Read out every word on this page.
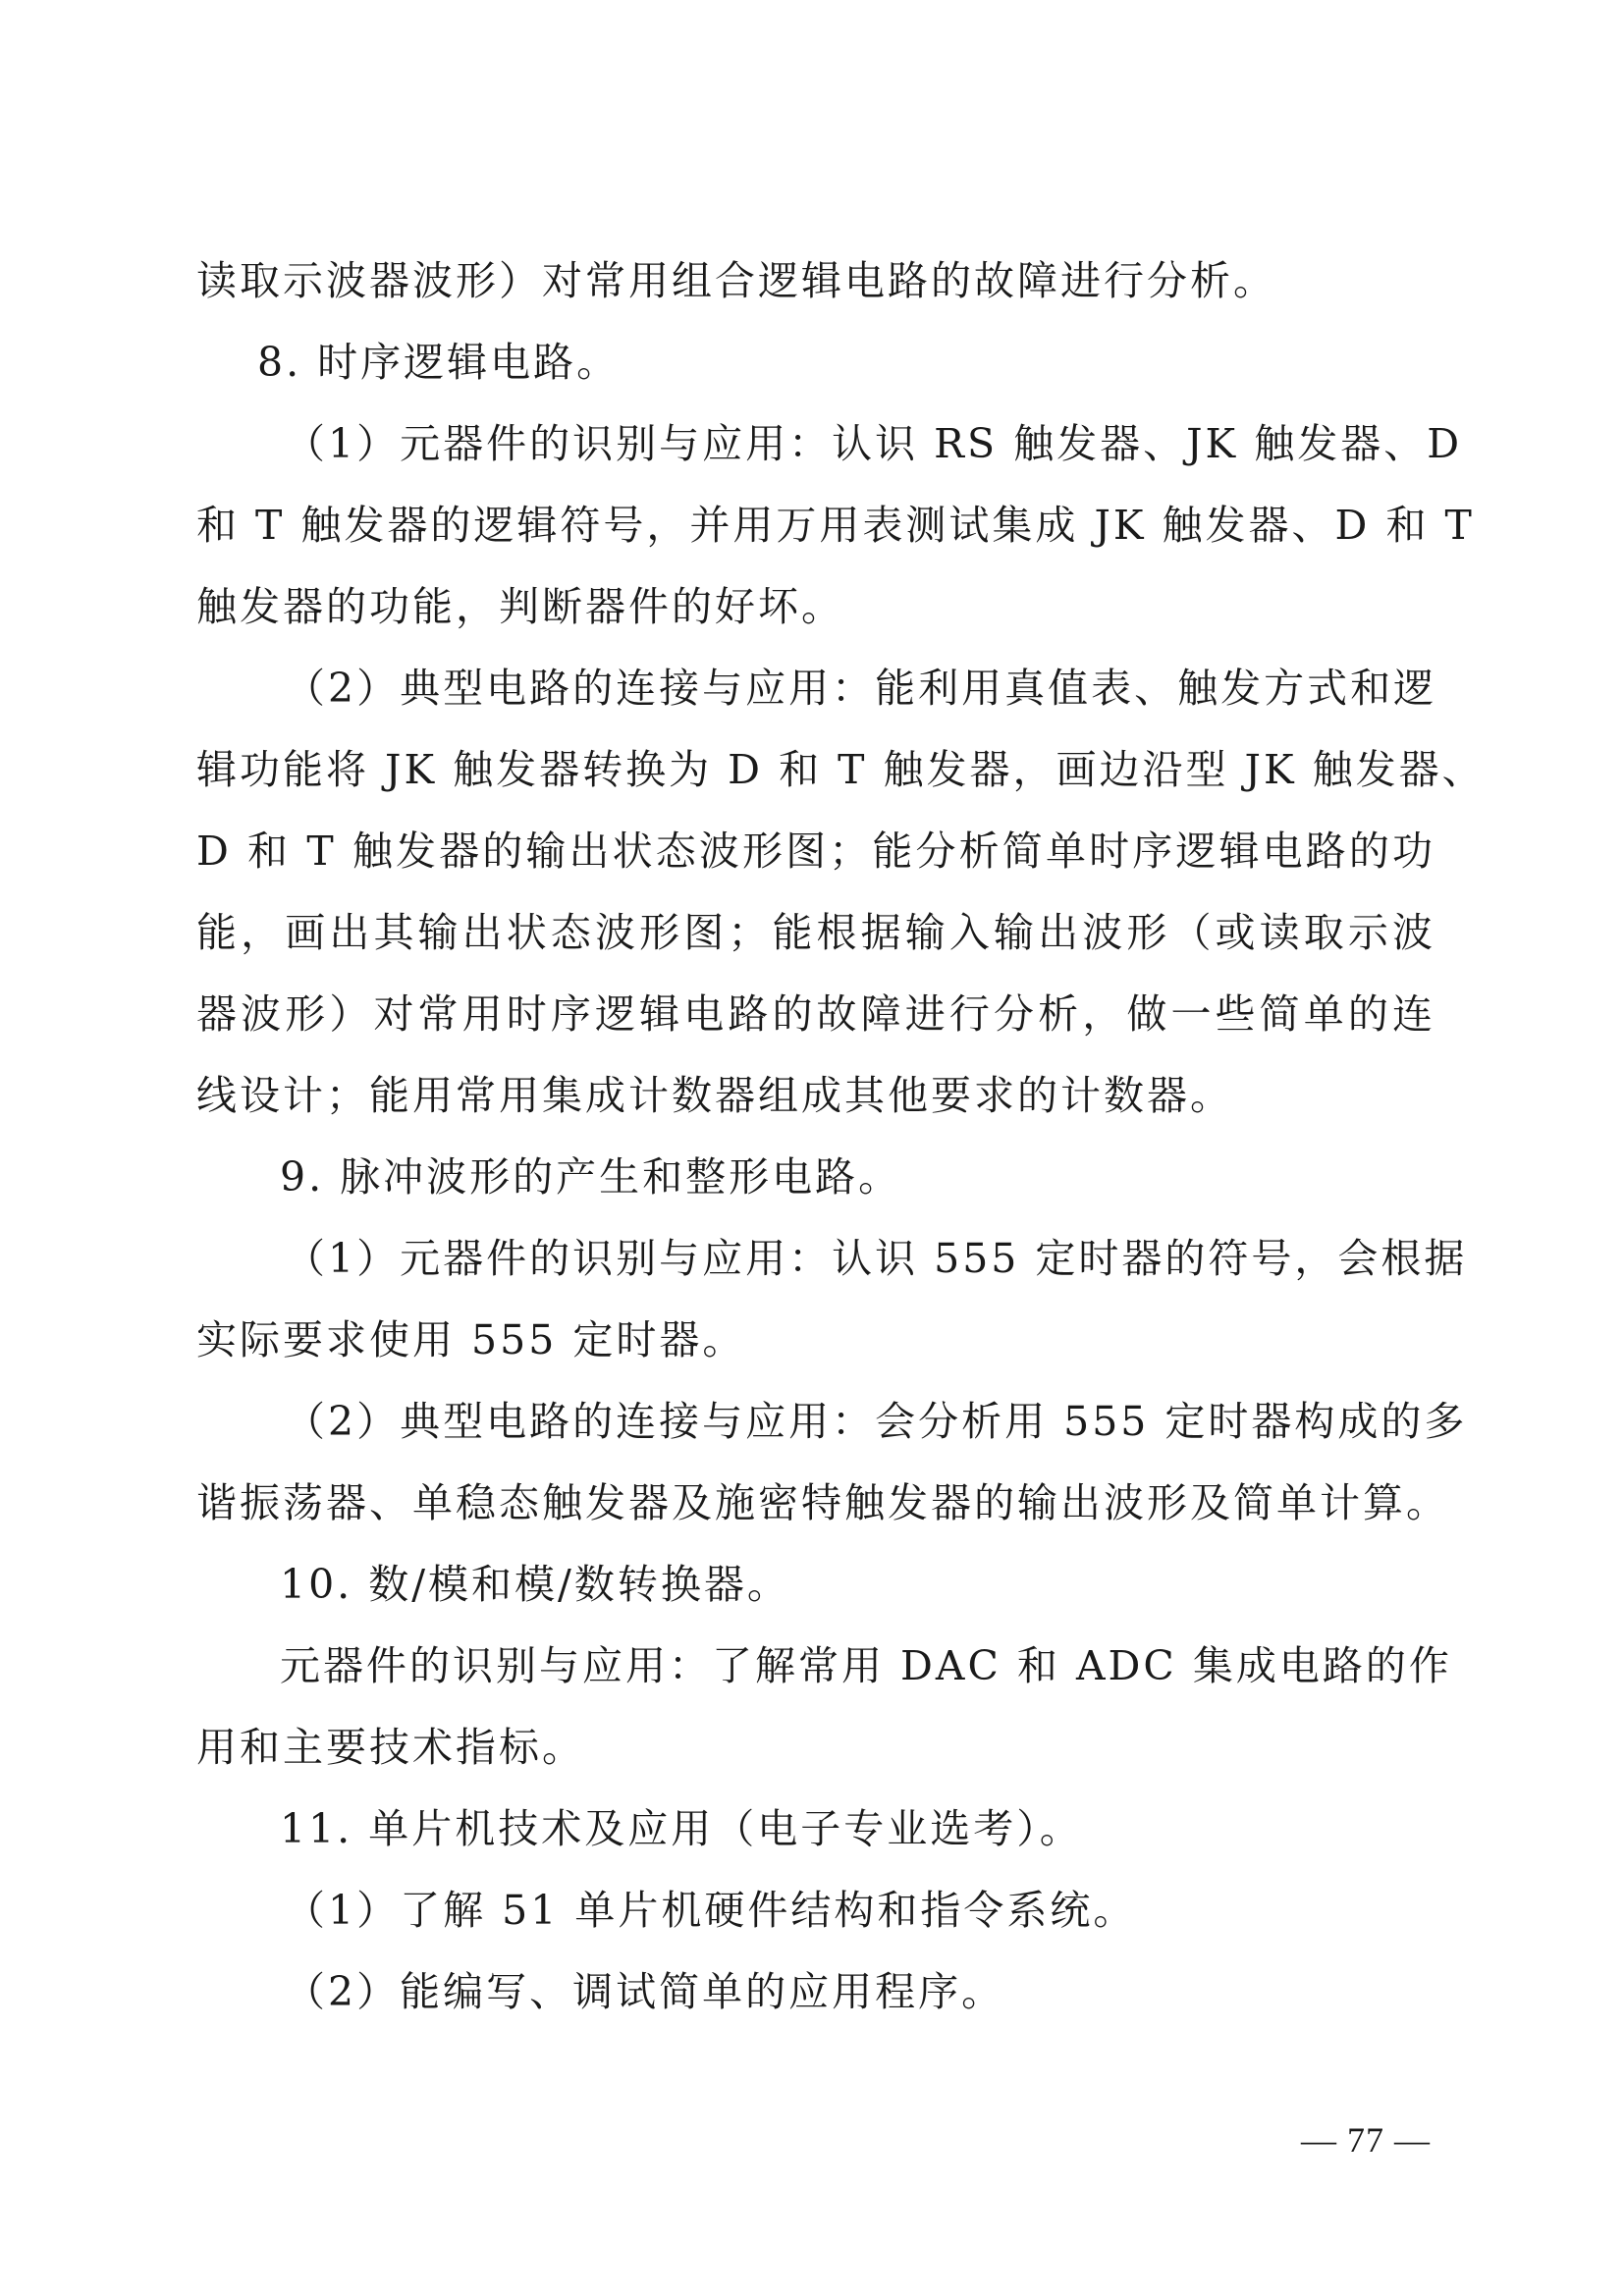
读取示波器波形）对常用组合逻辑电路的故障进行分析。
8. 时序逻辑电路。
（1）元器件的识别与应用：认识 RS 触发器、JK 触发器、D
和 T 触发器的逻辑符号，并用万用表测试集成 JK 触发器、D 和 T
触发器的功能，判断器件的好坏。
（2）典型电路的连接与应用：能利用真值表、触发方式和逻
辑功能将 JK 触发器转换为 D 和 T 触发器，画边沿型 JK 触发器、
D 和 T 触发器的输出状态波形图；能分析简单时序逻辑电路的功
能，画出其输出状态波形图；能根据输入输出波形（或读取示波
器波形）对常用时序逻辑电路的故障进行分析，做一些简单的连
线设计；能用常用集成计数器组成其他要求的计数器。
9. 脉冲波形的产生和整形电路。
（1）元器件的识别与应用：认识 555 定时器的符号，会根据
实际要求使用 555 定时器。
（2）典型电路的连接与应用：会分析用 555 定时器构成的多
谐振荡器、单稳态触发器及施密特触发器的输出波形及简单计算。
10. 数/模和模/数转换器。
元器件的识别与应用：了解常用 DAC 和 ADC 集成电路的作
用和主要技术指标。
11. 单片机技术及应用（电子专业选考）。
（1）了解 51 单片机硬件结构和指令系统。
（2）能编写、调试简单的应用程序。
— 77 —
